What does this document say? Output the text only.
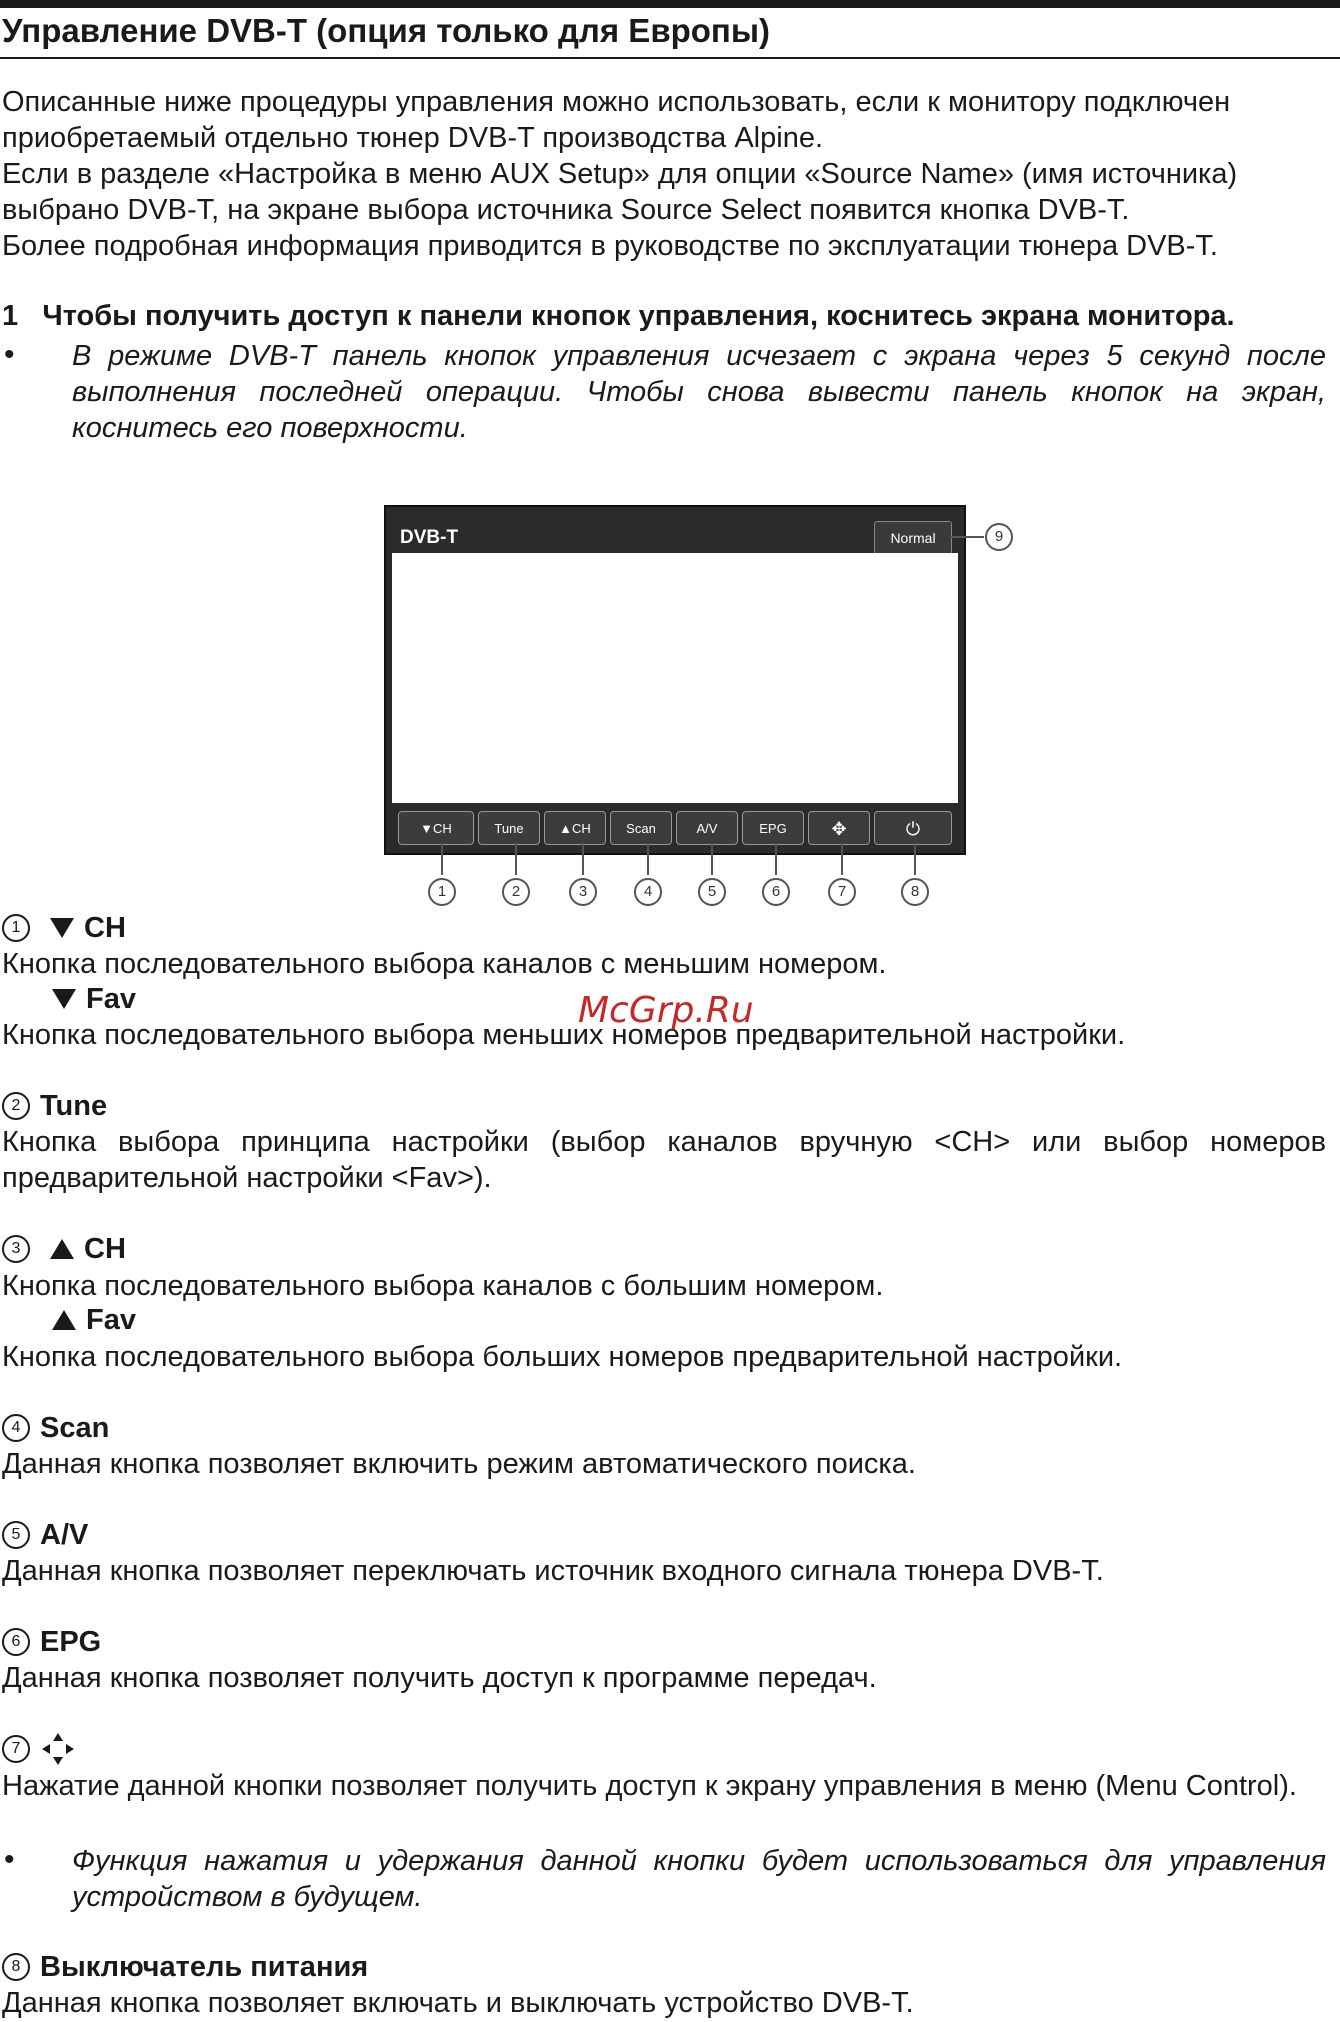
Управление DVB-T (опция только для Европы)

Описанные ниже процедуры управления можно использовать, если к монитору подключен приобретаемый отдельно тюнер DVB-T производства Alpine.

Если в разделе «Настройка в меню AUX Setup» для опции «Source Name» (имя источника) выбрано DVB-T, на экране выбора источника Source Select появится кнопка DVB-T.

Более подробная информация приводится в руководстве по эксплуатации тюнера DVB-T.

1 Чтобы получить доступ к панели кнопок управления, коснитесь экрана монитора.

• В режиме DVB-T панель кнопок управления исчезает с экрана через 5 секунд после выполнения последней операции. Чтобы снова вывести панель кнопок на экран, коснитесь его поверхности.

DVB-T	Normal
▼CH	Tune	▲CH	Scan	A/V	EPG	✥	⏻
1	2	3	4	5	6	7	8
9
1	CH

Кнопка последовательного выбора каналов с меньшим номером.

Fav

Кнопка последовательного выбора меньших номеров предварительной настройки.

2 Tune

Кнопка выбора принципа настройки (выбор каналов вручную <CH> или выбор номеров предварительной настройки <Fav>).

3	CH

Кнопка последовательного выбора каналов с большим номером.

Fav

Кнопка последовательного выбора больших номеров предварительной настройки.

4 Scan

Данная кнопка позволяет включить режим автоматического поиска.

5 A/V

Данная кнопка позволяет переключать источник входного сигнала тюнера DVB-T.

6 EPG

Данная кнопка позволяет получить доступ к программе передач.

7

Нажатие данной кнопки позволяет получить доступ к экрану управления в меню (Menu Control).

• Функция нажатия и удержания данной кнопки будет использоваться для управления устройством в будущем.

8 Выключатель питания

Данная кнопка позволяет включать и выключать устройство DVB-T.

McGrp.Ru
